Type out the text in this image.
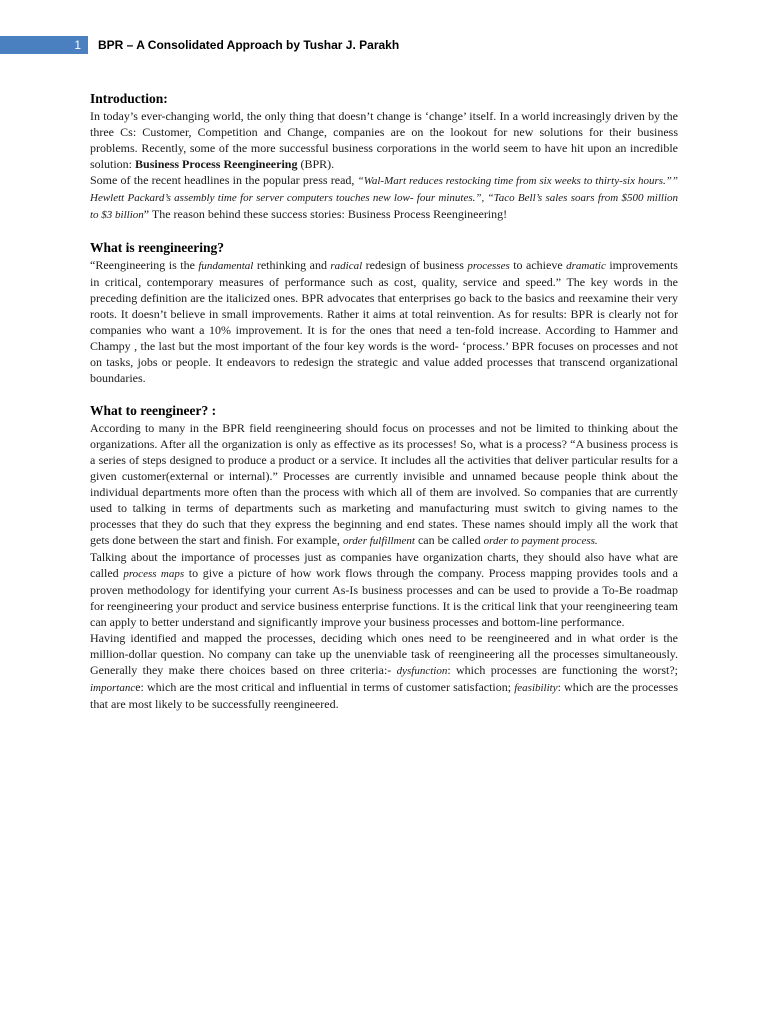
1	BPR – A Consolidated Approach by Tushar J. Parakh
Introduction:

In today’s ever-changing world, the only thing that doesn’t change is ‘change’ itself. In a world increasingly driven by the three Cs: Customer, Competition and Change, companies are on the lookout for new solutions for their business problems. Recently, some of the more successful business corporations in the world seem to have hit upon an incredible solution: Business Process Reengineering (BPR).

Some of the recent headlines in the popular press read, “Wal-Mart reduces restocking time from six weeks to thirty-six hours.”” Hewlett Packard’s assembly time for server computers touches new low- four minutes.”, “Taco Bell’s sales soars from $500 million to $3 billion” The reason behind these success stories: Business Process Reengineering!

What is reengineering?

“Reengineering is the fundamental rethinking and radical redesign of business processes to achieve dramatic improvements in critical, contemporary measures of performance such as cost, quality, service and speed.” The key words in the preceding definition are the italicized ones. BPR advocates that enterprises go back to the basics and reexamine their very roots. It doesn’t believe in small improvements. Rather it aims at total reinvention. As for results: BPR is clearly not for companies who want a 10% improvement. It is for the ones that need a ten-fold increase. According to Hammer and Champy , the last but the most important of the four key words is the word- ‘process.’ BPR focuses on processes and not on tasks, jobs or people. It endeavors to redesign the strategic and value added processes that transcend organizational boundaries.

What to reengineer? :

According to many in the BPR field reengineering should focus on processes and not be limited to thinking about the organizations. After all the organization is only as effective as its processes! So, what is a process? “A business process is a series of steps designed to produce a product or a service. It includes all the activities that deliver particular results for a given customer(external or internal).” Processes are currently invisible and unnamed because people think about the individual departments more often than the process with which all of them are involved. So companies that are currently used to talking in terms of departments such as marketing and manufacturing must switch to giving names to the processes that they do such that they express the beginning and end states. These names should imply all the work that gets done between the start and finish. For example, order fulfillment can be called order to payment process.

Talking about the importance of processes just as companies have organization charts, they should also have what are called process maps to give a picture of how work flows through the company. Process mapping provides tools and a proven methodology for identifying your current As-Is business processes and can be used to provide a To-Be roadmap for reengineering your product and service business enterprise functions. It is the critical link that your reengineering team can apply to better understand and significantly improve your business processes and bottom-line performance.

Having identified and mapped the processes, deciding which ones need to be reengineered and in what order is the million-dollar question. No company can take up the unenviable task of reengineering all the processes simultaneously. Generally they make there choices based on three criteria:- dysfunction: which processes are functioning the worst?; importance: which are the most critical and influential in terms of customer satisfaction; feasibility: which are the processes that are most likely to be successfully reengineered.
